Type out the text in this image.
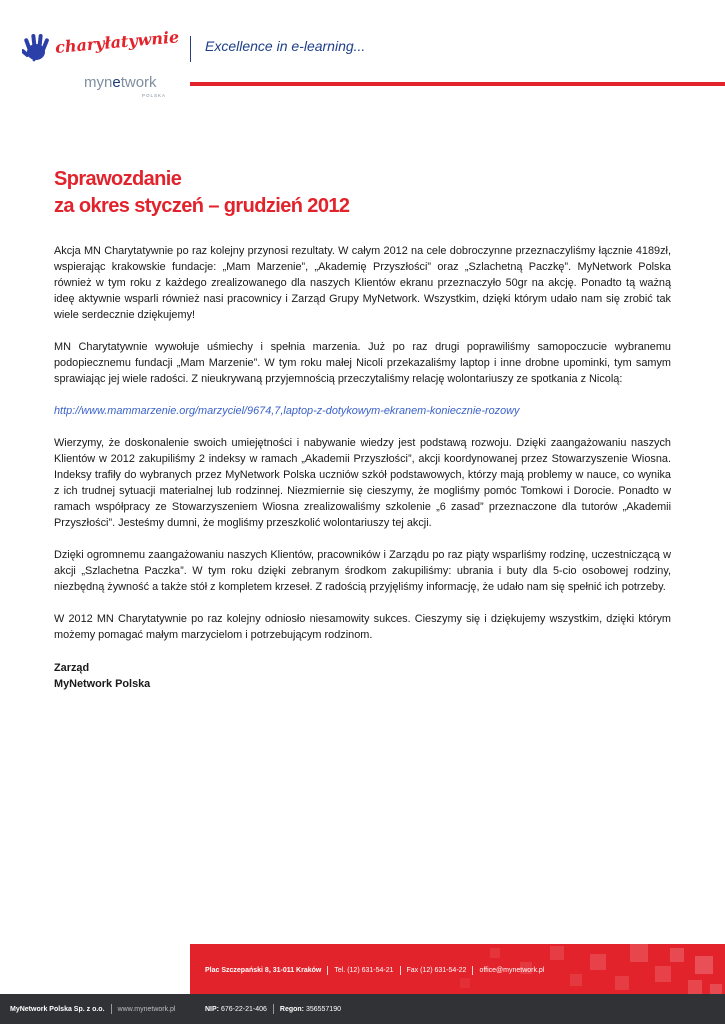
charyłatywnie
mynetwork
POLSKA
Excellence in e-learning...
Sprawozdanie
za okres styczeń – grudzień 2012

Akcja MN Charytatywnie po raz kolejny przynosi rezultaty. W całym 2012 na cele dobroczynne przeznaczyliśmy łącznie 4189zł, wspierając krakowskie fundacje: „Mam Marzenie”, „Akademię Przyszłości” oraz „Szlachetną Paczkę”. MyNetwork Polska również w tym roku z każdego zrealizowanego dla naszych Klientów ekranu przeznaczyło 50gr na akcję. Ponadto tą ważną ideę aktywnie wsparli również nasi pracownicy i Zarząd Grupy MyNetwork. Wszystkim, dzięki którym udało nam się zrobić tak wiele serdecznie dziękujemy!

MN Charytatywnie wywołuje uśmiechy i spełnia marzenia. Już po raz drugi poprawiliśmy samopoczucie wybranemu podopiecznemu fundacji „Mam Marzenie”. W tym roku małej Nicoli przekazaliśmy laptop i inne drobne upominki, tym samym sprawiając jej wiele radości. Z nieukrywaną przyjemnością przeczytaliśmy relację wolontariuszy ze spotkania z Nicolą:

http://www.mammarzenie.org/marzyciel/9674,7,laptop-z-dotykowym-ekranem-koniecznie-rozowy

Wierzymy, że doskonalenie swoich umiejętności i nabywanie wiedzy jest podstawą rozwoju. Dzięki zaangażowaniu naszych Klientów w 2012 zakupiliśmy 2 indeksy w ramach „Akademii Przyszłości”, akcji koordynowanej przez Stowarzyszenie Wiosna. Indeksy trafiły do wybranych przez MyNetwork Polska uczniów szkół podstawowych, którzy mają problemy w nauce, co wynika z ich trudnej sytuacji materialnej lub rodzinnej. Niezmiernie się cieszymy, że mogliśmy pomóc Tomkowi i Dorocie. Ponadto w ramach współpracy ze Stowarzyszeniem Wiosna zrealizowaliśmy szkolenie „6 zasad” przeznaczone dla tutorów „Akademii Przyszłości”. Jesteśmy dumni, że mogliśmy przeszkolić wolontariuszy tej akcji.

Dzięki ogromnemu zaangażowaniu naszych Klientów, pracowników i Zarządu po raz piąty wsparliśmy rodzinę, uczestniczącą w akcji „Szlachetna Paczka”. W tym roku dzięki zebranym środkom zakupiliśmy: ubrania i buty dla 5-cio osobowej rodziny, niezbędną żywność a także stół z kompletem krzeseł. Z radością przyjęliśmy informację, że udało nam się spełnić ich potrzeby.

W 2012 MN Charytatywnie po raz kolejny odniosło niesamowity sukces. Cieszymy się i dziękujemy wszystkim, dzięki którym możemy pomagać małym marzycielom i potrzebującym rodzinom.

Zarząd
MyNetwork Polska
Plac Szczepański 8, 31-011 Kraków Tel. (12) 631-54-21 Fax (12) 631-54-22 office@mynetwork.pl
MyNetwork Polska Sp. z o.o. www.mynetwork.pl	NIP: 676-22-21-406 Regon: 356557190
